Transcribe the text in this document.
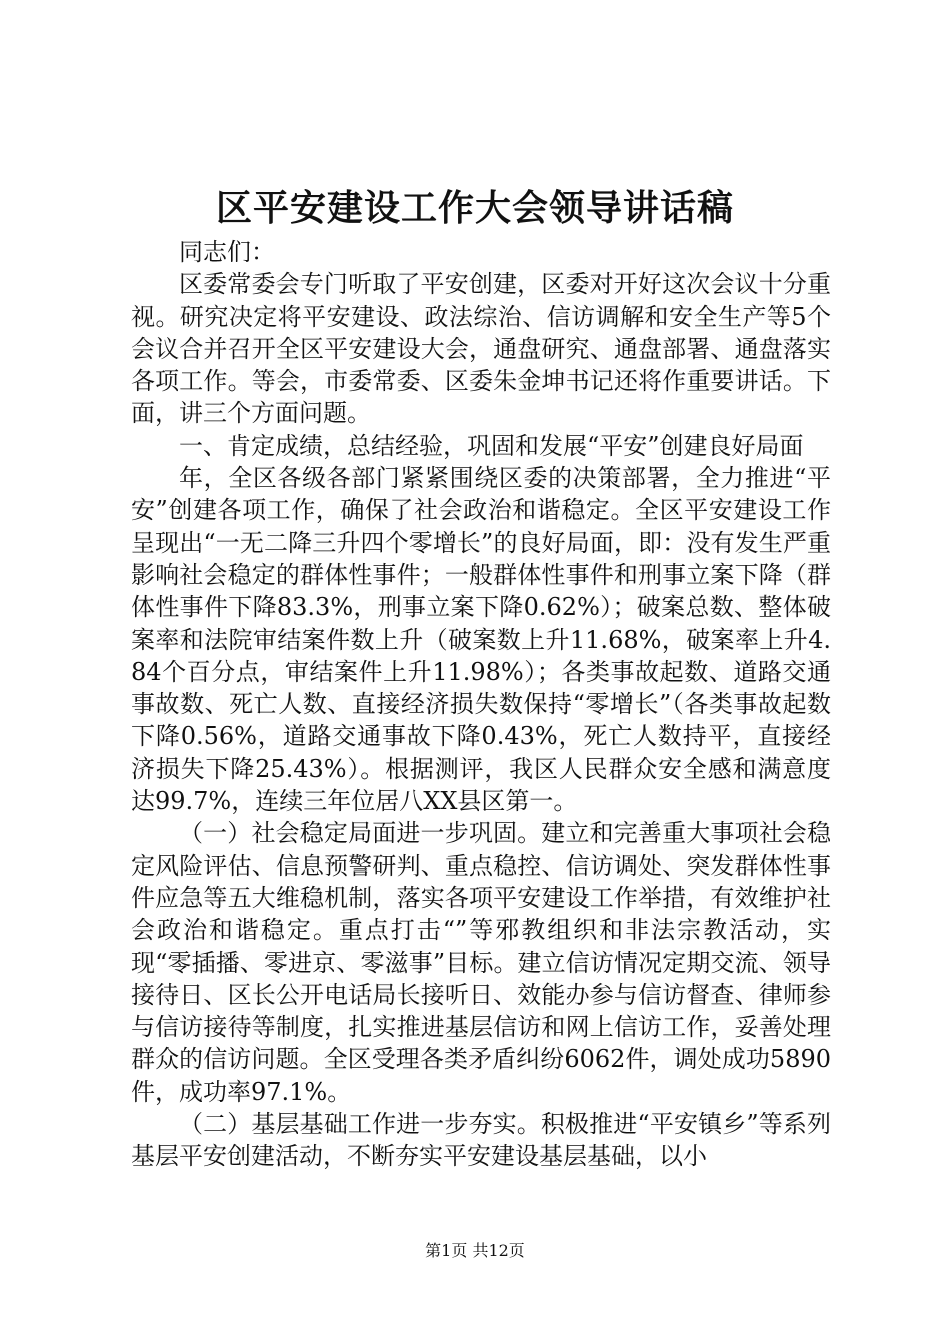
区平安建设工作大会领导讲话稿

同志们：

区委常委会专门听取了平安创建，区委对开好这次会议十分重视。研究决定将平安建设、政法综治、信访调解和安全生产等5个会议合并召开全区平安建设大会，通盘研究、通盘部署、通盘落实各项工作。等会，市委常委、区委朱金坤书记还将作重要讲话。下面，讲三个方面问题。

一、肯定成绩，总结经验，巩固和发展“平安”创建良好局面

年，全区各级各部门紧紧围绕区委的决策部署，全力推进“平安”创建各项工作，确保了社会政治和谐稳定。全区平安建设工作呈现出“一无二降三升四个零增长”的良好局面，即：没有发生严重影响社会稳定的群体性事件；一般群体性事件和刑事立案下降（群体性事件下降83.3%，刑事立案下降0.62%）；破案总数、整体破案率和法院审结案件数上升（破案数上升11.68%，破案率上升4.84个百分点，审结案件上升11.98%）；各类事故起数、道路交通事故数、死亡人数、直接经济损失数保持“零增长”（各类事故起数下降0.56%，道路交通事故下降0.43%，死亡人数持平，直接经济损失下降25.43%）。根据测评，我区人民群众安全感和满意度达99.7%，连续三年位居八XX县区第一。

（一）社会稳定局面进一步巩固。建立和完善重大事项社会稳定风险评估、信息预警研判、重点稳控、信访调处、突发群体性事件应急等五大维稳机制，落实各项平安建设工作举措，有效维护社会政治和谐稳定。重点打击“”等邪教组织和非法宗教活动，实现“零插播、零进京、零滋事”目标。建立信访情况定期交流、领导接待日、区长公开电话局长接听日、效能办参与信访督查、律师参与信访接待等制度，扎实推进基层信访和网上信访工作，妥善处理群众的信访问题。全区受理各类矛盾纠纷6062件，调处成功5890件，成功率97.1%。

（二）基层基础工作进一步夯实。积极推进“平安镇乡”等系列基层平安创建活动，不断夯实平安建设基层基础，以小

第1页 共12页
